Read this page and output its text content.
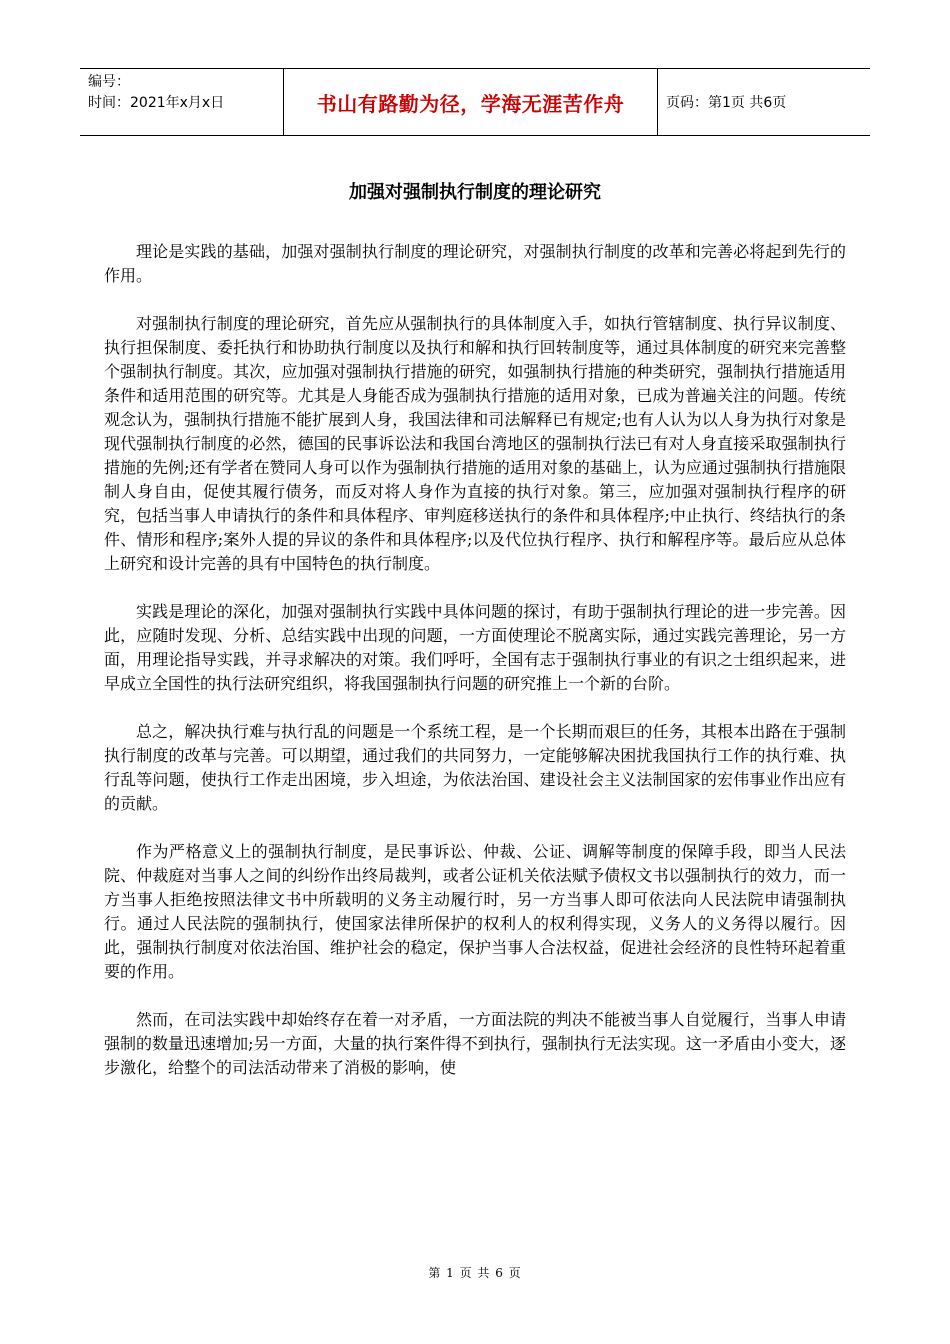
编号：
时间：2021年x月x日	书山有路勤为径，学海无涯苦作舟	页码：第1页 共6页
加强对强制执行制度的理论研究

理论是实践的基础，加强对强制执行制度的理论研究，对强制执行制度的改革和完善必将起到先行的作用。

对强制执行制度的理论研究，首先应从强制执行的具体制度入手，如执行管辖制度、执行异议制度、执行担保制度、委托执行和协助执行制度以及执行和解和执行回转制度等，通过具体制度的研究来完善整个强制执行制度。其次，应加强对强制执行措施的研究，如强制执行措施的种类研究，强制执行措施适用条件和适用范围的研究等。尤其是人身能否成为强制执行措施的适用对象，已成为普遍关注的问题。传统观念认为，强制执行措施不能扩展到人身，我国法律和司法解释已有规定;也有人认为以人身为执行对象是现代强制执行制度的必然，德国的民事诉讼法和我国台湾地区的强制执行法已有对人身直接采取强制执行措施的先例;还有学者在赞同人身可以作为强制执行措施的适用对象的基础上，认为应通过强制执行措施限制人身自由，促使其履行债务，而反对将人身作为直接的执行对象。第三，应加强对强制执行程序的研究，包括当事人申请执行的条件和具体程序、审判庭移送执行的条件和具体程序;中止执行、终结执行的条件、情形和程序;案外人提的异议的条件和具体程序;以及代位执行程序、执行和解程序等。最后应从总体上研究和设计完善的具有中国特色的执行制度。

实践是理论的深化，加强对强制执行实践中具体问题的探讨，有助于强制执行理论的进一步完善。因此，应随时发现、分析、总结实践中出现的问题，一方面使理论不脱离实际，通过实践完善理论，另一方面，用理论指导实践，并寻求解决的对策。我们呼吁，全国有志于强制执行事业的有识之士组织起来，进早成立全国性的执行法研究组织，将我国强制执行问题的研究推上一个新的台阶。

总之，解决执行难与执行乱的问题是一个系统工程，是一个长期而艰巨的任务，其根本出路在于强制执行制度的改革与完善。可以期望，通过我们的共同努力，一定能够解决困扰我国执行工作的执行难、执行乱等问题，使执行工作走出困境，步入坦途，为依法治国、建设社会主义法制国家的宏伟事业作出应有的贡献。

作为严格意义上的强制执行制度，是民事诉讼、仲裁、公证、调解等制度的保障手段，即当人民法院、仲裁庭对当事人之间的纠纷作出终局裁判，或者公证机关依法赋予债权文书以强制执行的效力，而一方当事人拒绝按照法律文书中所载明的义务主动履行时，另一方当事人即可依法向人民法院申请强制执行。通过人民法院的强制执行，使国家法律所保护的权利人的权利得实现，义务人的义务得以履行。因此，强制执行制度对依法治国、维护社会的稳定，保护当事人合法权益，促进社会经济的良性特环起着重要的作用。

然而，在司法实践中却始终存在着一对矛盾，一方面法院的判决不能被当事人自觉履行，当事人申请强制的数量迅速增加;另一方面，大量的执行案件得不到执行，强制执行无法实现。这一矛盾由小变大，逐步激化，给整个的司法活动带来了消极的影响，使

第 1 页 共 6 页
